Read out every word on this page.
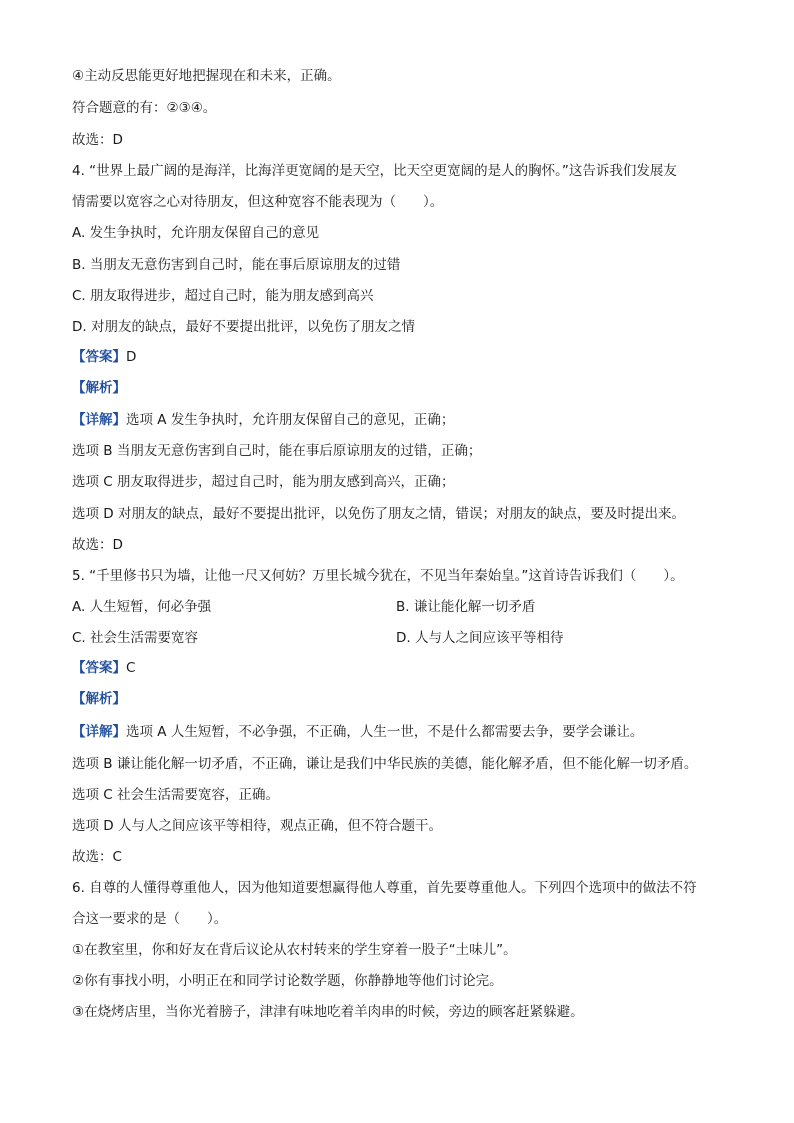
④主动反思能更好地把握现在和未来，正确。
符合题意的有：②③④。
故选：D
4. “世界上最广阔的是海洋，比海洋更宽阔的是天空，比天空更宽阔的是人的胸怀。”这告诉我们发展友
情需要以宽容之心对待朋友，但这种宽容不能表现为（　　）。
A. 发生争执时，允许朋友保留自己的意见
B. 当朋友无意伤害到自己时，能在事后原谅朋友的过错
C. 朋友取得进步，超过自己时，能为朋友感到高兴
D. 对朋友的缺点，最好不要提出批评，以免伤了朋友之情
【答案】D
【解析】
【详解】选项 A 发生争执时，允许朋友保留自己的意见，正确；
选项 B 当朋友无意伤害到自己时，能在事后原谅朋友的过错，正确；
选项 C 朋友取得进步，超过自己时，能为朋友感到高兴，正确；
选项 D 对朋友的缺点，最好不要提出批评，以免伤了朋友之情，错误；对朋友的缺点，要及时提出来。
故选：D
5. “千里修书只为墙，让他一尺又何妨？万里长城今犹在，不见当年秦始皇。”这首诗告诉我们（　　）。
A. 人生短暂，何必争强	B. 谦让能化解一切矛盾
C. 社会生活需要宽容	D. 人与人之间应该平等相待
【答案】C
【解析】
【详解】选项 A 人生短暂，不必争强，不正确，人生一世，不是什么都需要去争，要学会谦让。
选项 B 谦让能化解一切矛盾，不正确，谦让是我们中华民族的美德，能化解矛盾，但不能化解一切矛盾。
选项 C 社会生活需要宽容，正确。
选项 D 人与人之间应该平等相待，观点正确，但不符合题干。
故选：C
6. 自尊的人懂得尊重他人，因为他知道要想赢得他人尊重，首先要尊重他人。下列四个选项中的做法不符
合这一要求的是（　　）。
①在教室里，你和好友在背后议论从农村转来的学生穿着一股子“土味儿”。
②你有事找小明，小明正在和同学讨论数学题，你静静地等他们讨论完。
③在烧烤店里，当你光着膀子，津津有味地吃着羊肉串的时候，旁边的顾客赶紧躲避。
